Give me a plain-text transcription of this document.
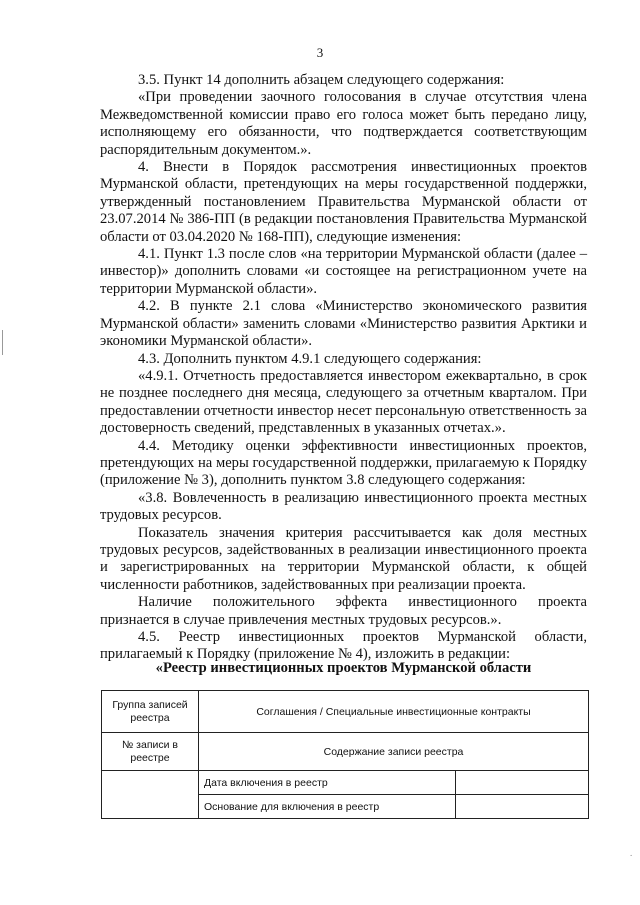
3

3.5. Пункт 14 дополнить абзацем следующего содержания:

«При проведении заочного голосования в случае отсутствия члена Межведомственной комиссии право его голоса может быть передано лицу, исполняющему его обязанности, что подтверждается соответствующим распорядительным документом.».

4. Внести в Порядок рассмотрения инвестиционных проектов Мурманской области, претендующих на меры государственной поддержки, утвержденный постановлением Правительства Мурманской области от 23.07.2014 № 386-ПП (в редакции постановления Правительства Мурманской области от 03.04.2020 № 168-ПП), следующие изменения:

4.1. Пункт 1.3 после слов «на территории Мурманской области (далее – инвестор)» дополнить словами «и состоящее на регистрационном учете на территории Мурманской области».

4.2. В пункте 2.1 слова «Министерство экономического развития Мурманской области» заменить словами «Министерство развития Арктики и экономики Мурманской области».

4.3. Дополнить пунктом 4.9.1 следующего содержания:

«4.9.1. Отчетность предоставляется инвестором ежеквартально, в срок не позднее последнего дня месяца, следующего за отчетным кварталом. При предоставлении отчетности инвестор несет персональную ответственность за достоверность сведений, представленных в указанных отчетах.».

4.4. Методику оценки эффективности инвестиционных проектов, претендующих на меры государственной поддержки, прилагаемую к Порядку (приложение № 3), дополнить пунктом 3.8 следующего содержания:

«3.8. Вовлеченность в реализацию инвестиционного проекта местных трудовых ресурсов.

Показатель значения критерия рассчитывается как доля местных трудовых ресурсов, задействованных в реализации инвестиционного проекта и зарегистрированных на территории Мурманской области, к общей численности работников, задействованных при реализации проекта.

Наличие положительного эффекта инвестиционного проекта признается в случае привлечения местных трудовых ресурсов.».

4.5. Реестр инвестиционных проектов Мурманской области, прилагаемый к Порядку (приложение № 4), изложить в редакции:

«Реестр инвестиционных проектов Мурманской области
Группа записей реестра	Соглашения / Специальные инвестиционные контракты	
№ записи в реестре	Содержание записи реестра	
	Дата включения в реестр	
	Основание для включения в реестр	
.
